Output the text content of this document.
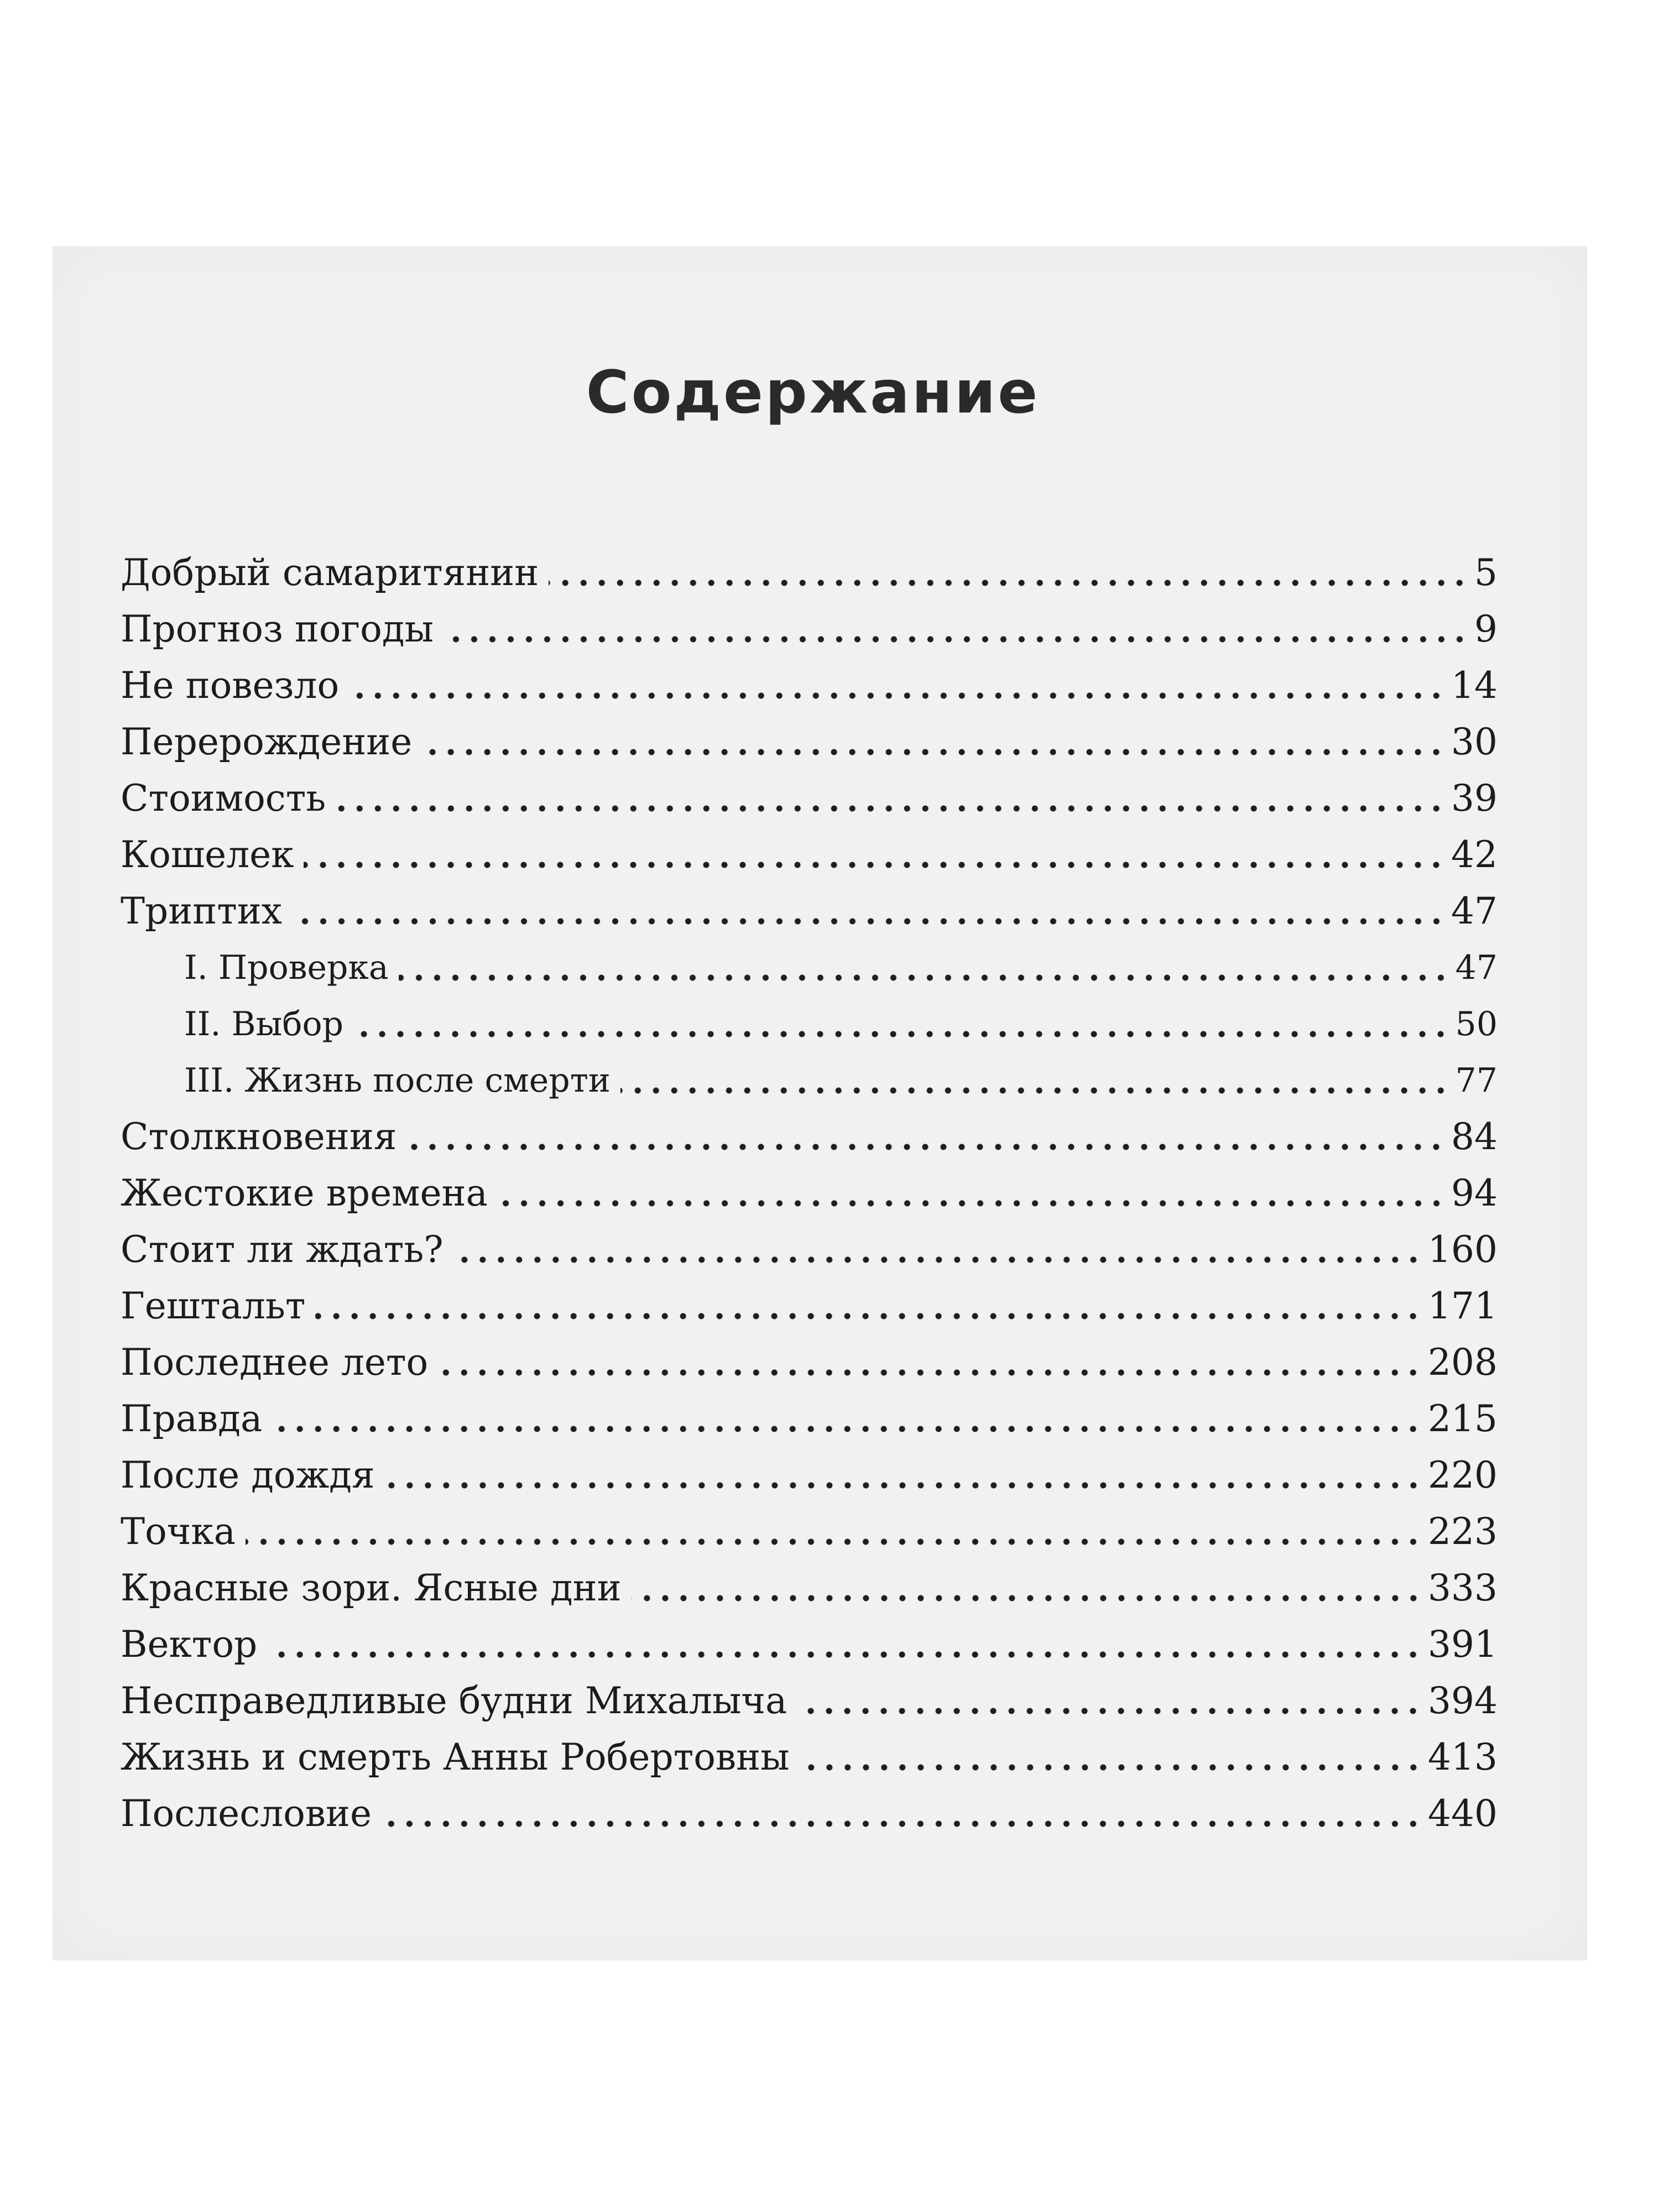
Содержание
Добрый самаритянин	5
Прогноз погоды	9
Не повезло	14
Перерождение	30
Стоимость	39
Кошелек	42
Триптих	47
I. Проверка	47
II. Выбор	50
III. Жизнь после смерти	77
Столкновения	84
Жестокие времена	94
Стоит ли ждать?	160
Гештальт	171
Последнее лето	208
Правда	215
После дождя	220
Точка	223
Красные зори. Ясные дни	333
Вектор	391
Несправедливые будни Михалыча	394
Жизнь и смерть Анны Робертовны	413
Послесловие	440
